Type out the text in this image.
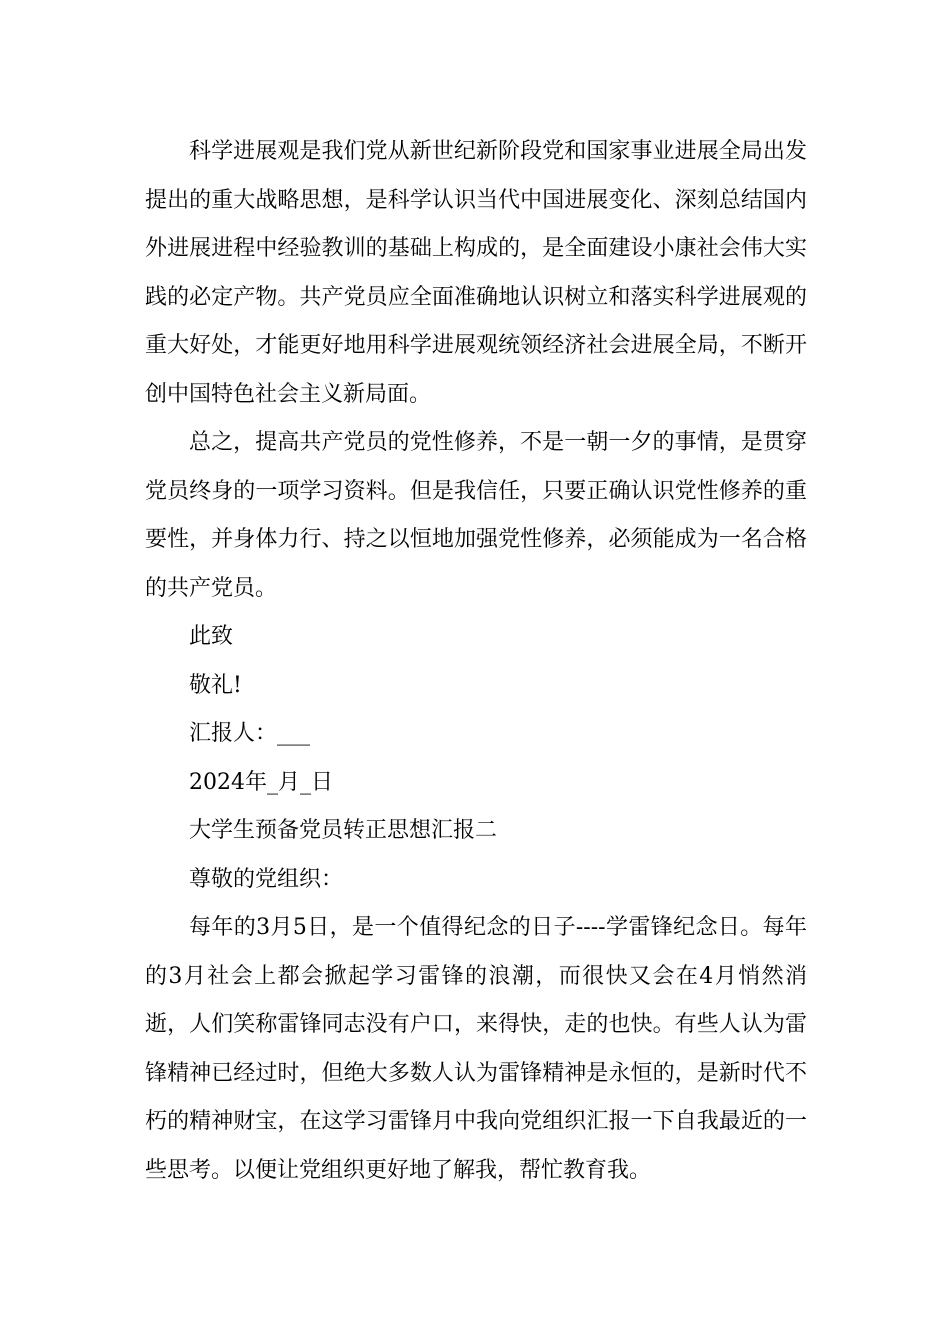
科学进展观是我们党从新世纪新阶段党和国家事业进展全局出发提出的重大战略思想，是科学认识当代中国进展变化、深刻总结国内外进展进程中经验教训的基础上构成的，是全面建设小康社会伟大实践的必定产物。共产党员应全面准确地认识树立和落实科学进展观的重大好处，才能更好地用科学进展观统领经济社会进展全局，不断开创中国特色社会主义新局面。

总之，提高共产党员的党性修养，不是一朝一夕的事情，是贯穿党员终身的一项学习资料。但是我信任，只要正确认识党性修养的重要性，并身体力行、持之以恒地加强党性修养，必须能成为一名合格的共产党员。

此致

敬礼!

汇报人：___

2024年_月_日

大学生预备党员转正思想汇报二

尊敬的党组织：

每年的3月5日，是一个值得纪念的日子----学雷锋纪念日。每年的3月社会上都会掀起学习雷锋的浪潮，而很快又会在4月悄然消逝，人们笑称雷锋同志没有户口，来得快，走的也快。有些人认为雷锋精神已经过时，但绝大多数人认为雷锋精神是永恒的，是新时代不朽的精神财宝，在这学习雷锋月中我向党组织汇报一下自我最近的一些思考。以便让党组织更好地了解我，帮忙教育我。
